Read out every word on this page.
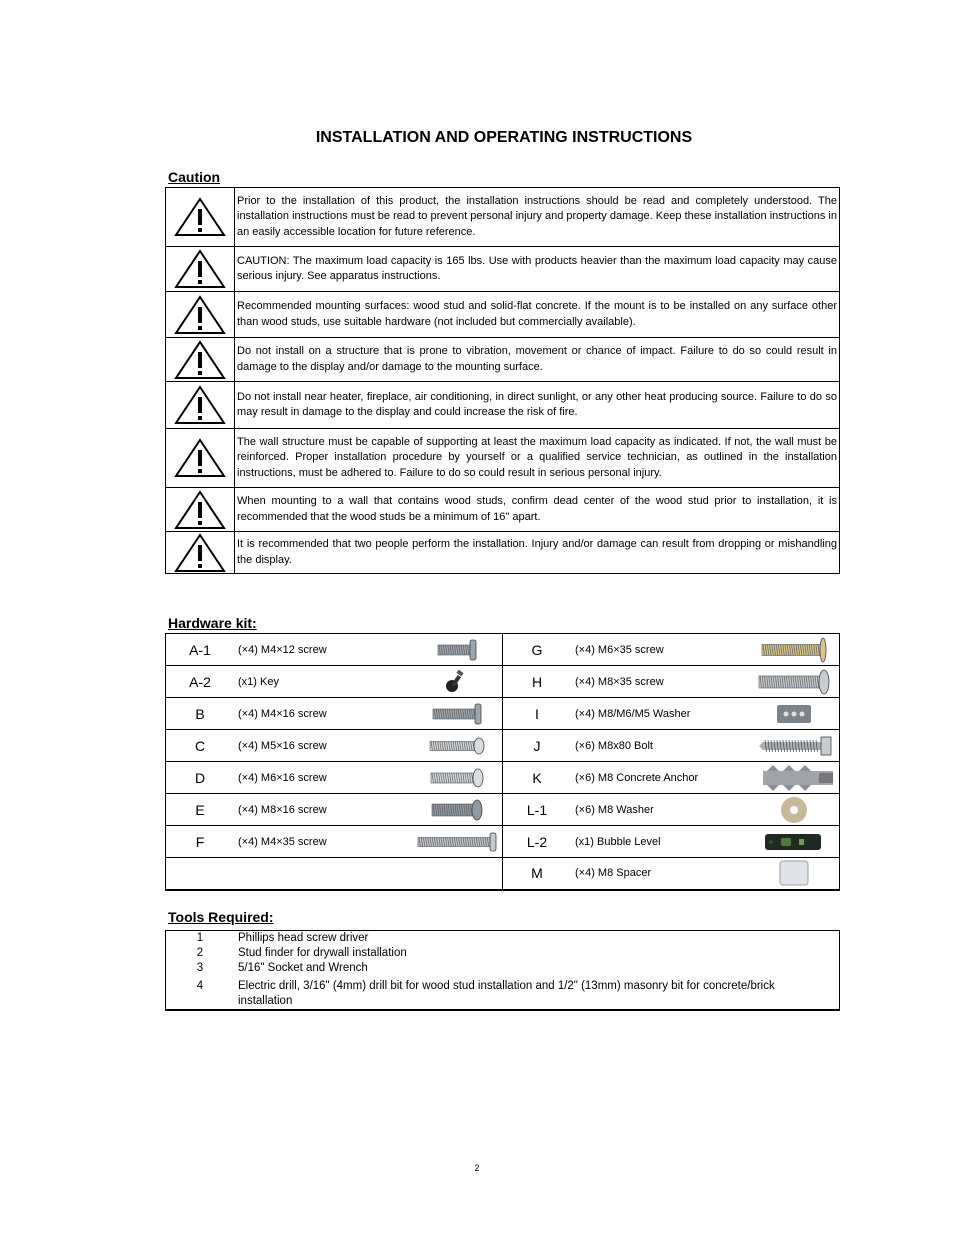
INSTALLATION AND OPERATING INSTRUCTIONS
Caution
	Prior to the installation of this product, the installation instructions should be read and completely understood. The installation instructions must be read to prevent personal injury and property damage. Keep these installation instructions in an easily accessible location for future reference.

	CAUTION: The maximum load capacity is 165 lbs. Use with products heavier than the maximum load capacity may cause serious injury. See apparatus instructions.

	Recommended mounting surfaces: wood stud and solid-flat concrete. If the mount is to be installed on any surface other than wood studs, use suitable hardware (not included but commercially available).

	Do not install on a structure that is prone to vibration, movement or chance of impact. Failure to do so could result in damage to the display and/or damage to the mounting surface.

	Do not install near heater, fireplace, air conditioning, in direct sunlight, or any other heat producing source. Failure to do so may result in damage to the display and could increase the risk of fire.

	The wall structure must be capable of supporting at least the maximum load capacity as indicated. If not, the wall must be reinforced. Proper installation procedure by yourself or a qualified service technician, as outlined in the installation instructions, must be adhered to. Failure to do so could result in serious personal injury.

	When mounting to a wall that contains wood studs, confirm dead center of the wood stud prior to installation, it is recommended that the wood studs be a minimum of 16" apart.

	It is recommended that two people perform the installation. Injury and/or damage can result from dropping or mishandling the display.
Hardware kit:
A-1	(×4) M4×12 screw		G	(×4) M6×35 screw	

A-2	(x1) Key		H	(×4) M8×35 screw	

B	(×4) M4×16 screw		I	(×4) M8/M6/M5 Washer	

C	(×4) M5×16 screw		J	(×6) M8x80 Bolt	

D	(×4) M6×16 screw		K	(×6) M8 Concrete Anchor	

E	(×4) M8×16 screw		L-1	(×6) M8 Washer	

F	(×4) M4×35 screw		L-2	(x1) Bubble Level	

			M	(×4) M8 Spacer	
Tools Required:
1	Phillips head screw driver
2	Stud finder for drywall installation
3	5/16" Socket and Wrench
4	Electric drill, 3/16" (4mm) drill bit for wood stud installation and 1/2" (13mm) masonry bit for concrete/brick installation
2
